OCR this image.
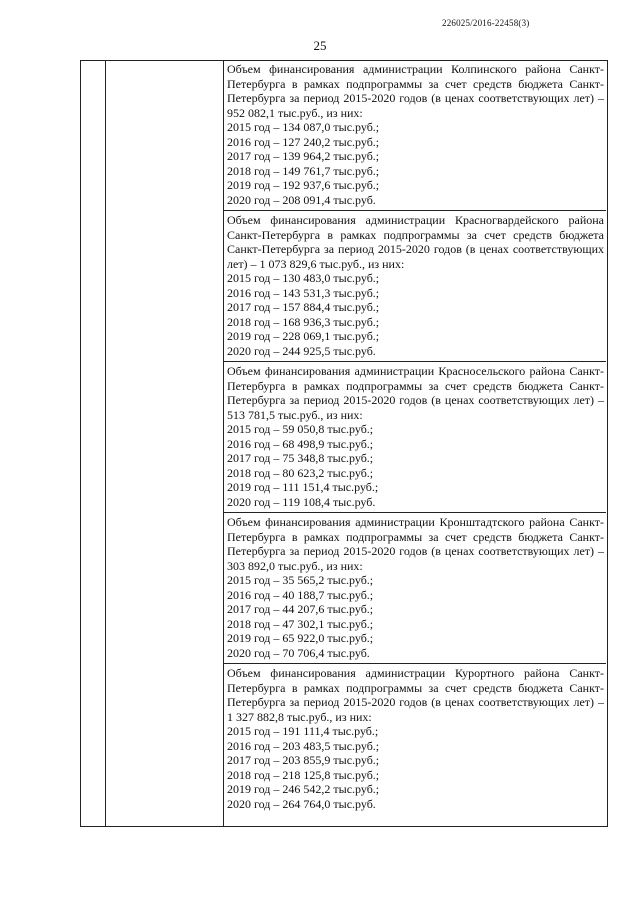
226025/2016-22458(3)
25
Объем финансирования администрации Колпинского района Санкт-Петербурга в рамках подпрограммы за счет средств бюджета Санкт-Петербурга за период 2015-2020 годов (в ценах соответствующих лет) – 952 082,1 тыс.руб., из них:
2015 год – 134 087,0 тыс.руб.;
2016 год – 127 240,2 тыс.руб.;
2017 год – 139 964,2 тыс.руб.;
2018 год – 149 761,7 тыс.руб.;
2019 год – 192 937,6 тыс.руб.;
2020 год – 208 091,4 тыс.руб.
Объем финансирования администрации Красногвардейского района Санкт-Петербурга в рамках подпрограммы за счет средств бюджета Санкт-Петербурга за период 2015-2020 годов (в ценах соответствующих лет) – 1 073 829,6 тыс.руб., из них:
2015 год – 130 483,0 тыс.руб.;
2016 год – 143 531,3 тыс.руб.;
2017 год – 157 884,4 тыс.руб.;
2018 год – 168 936,3 тыс.руб.;
2019 год – 228 069,1 тыс.руб.;
2020 год – 244 925,5 тыс.руб.
Объем финансирования администрации Красносельского района Санкт-Петербурга в рамках подпрограммы за счет средств бюджета Санкт-Петербурга за период 2015-2020 годов (в ценах соответствующих лет) – 513 781,5 тыс.руб., из них:
2015 год – 59 050,8 тыс.руб.;
2016 год – 68 498,9 тыс.руб.;
2017 год – 75 348,8 тыс.руб.;
2018 год – 80 623,2 тыс.руб.;
2019 год – 111 151,4 тыс.руб.;
2020 год – 119 108,4 тыс.руб.
Объем финансирования администрации Кронштадтского района Санкт-Петербурга в рамках подпрограммы за счет средств бюджета Санкт-Петербурга за период 2015-2020 годов (в ценах соответствующих лет) – 303 892,0 тыс.руб., из них:
2015 год – 35 565,2 тыс.руб.;
2016 год – 40 188,7 тыс.руб.;
2017 год – 44 207,6 тыс.руб.;
2018 год – 47 302,1 тыс.руб.;
2019 год – 65 922,0 тыс.руб.;
2020 год – 70 706,4 тыс.руб.
Объем финансирования администрации Курортного района Санкт-Петербурга в рамках подпрограммы за счет средств бюджета Санкт-Петербурга за период 2015-2020 годов (в ценах соответствующих лет) – 1 327 882,8 тыс.руб., из них:
2015 год – 191 111,4 тыс.руб.;
2016 год – 203 483,5 тыс.руб.;
2017 год – 203 855,9 тыс.руб.;
2018 год – 218 125,8 тыс.руб.;
2019 год – 246 542,2 тыс.руб.;
2020 год – 264 764,0 тыс.руб.
